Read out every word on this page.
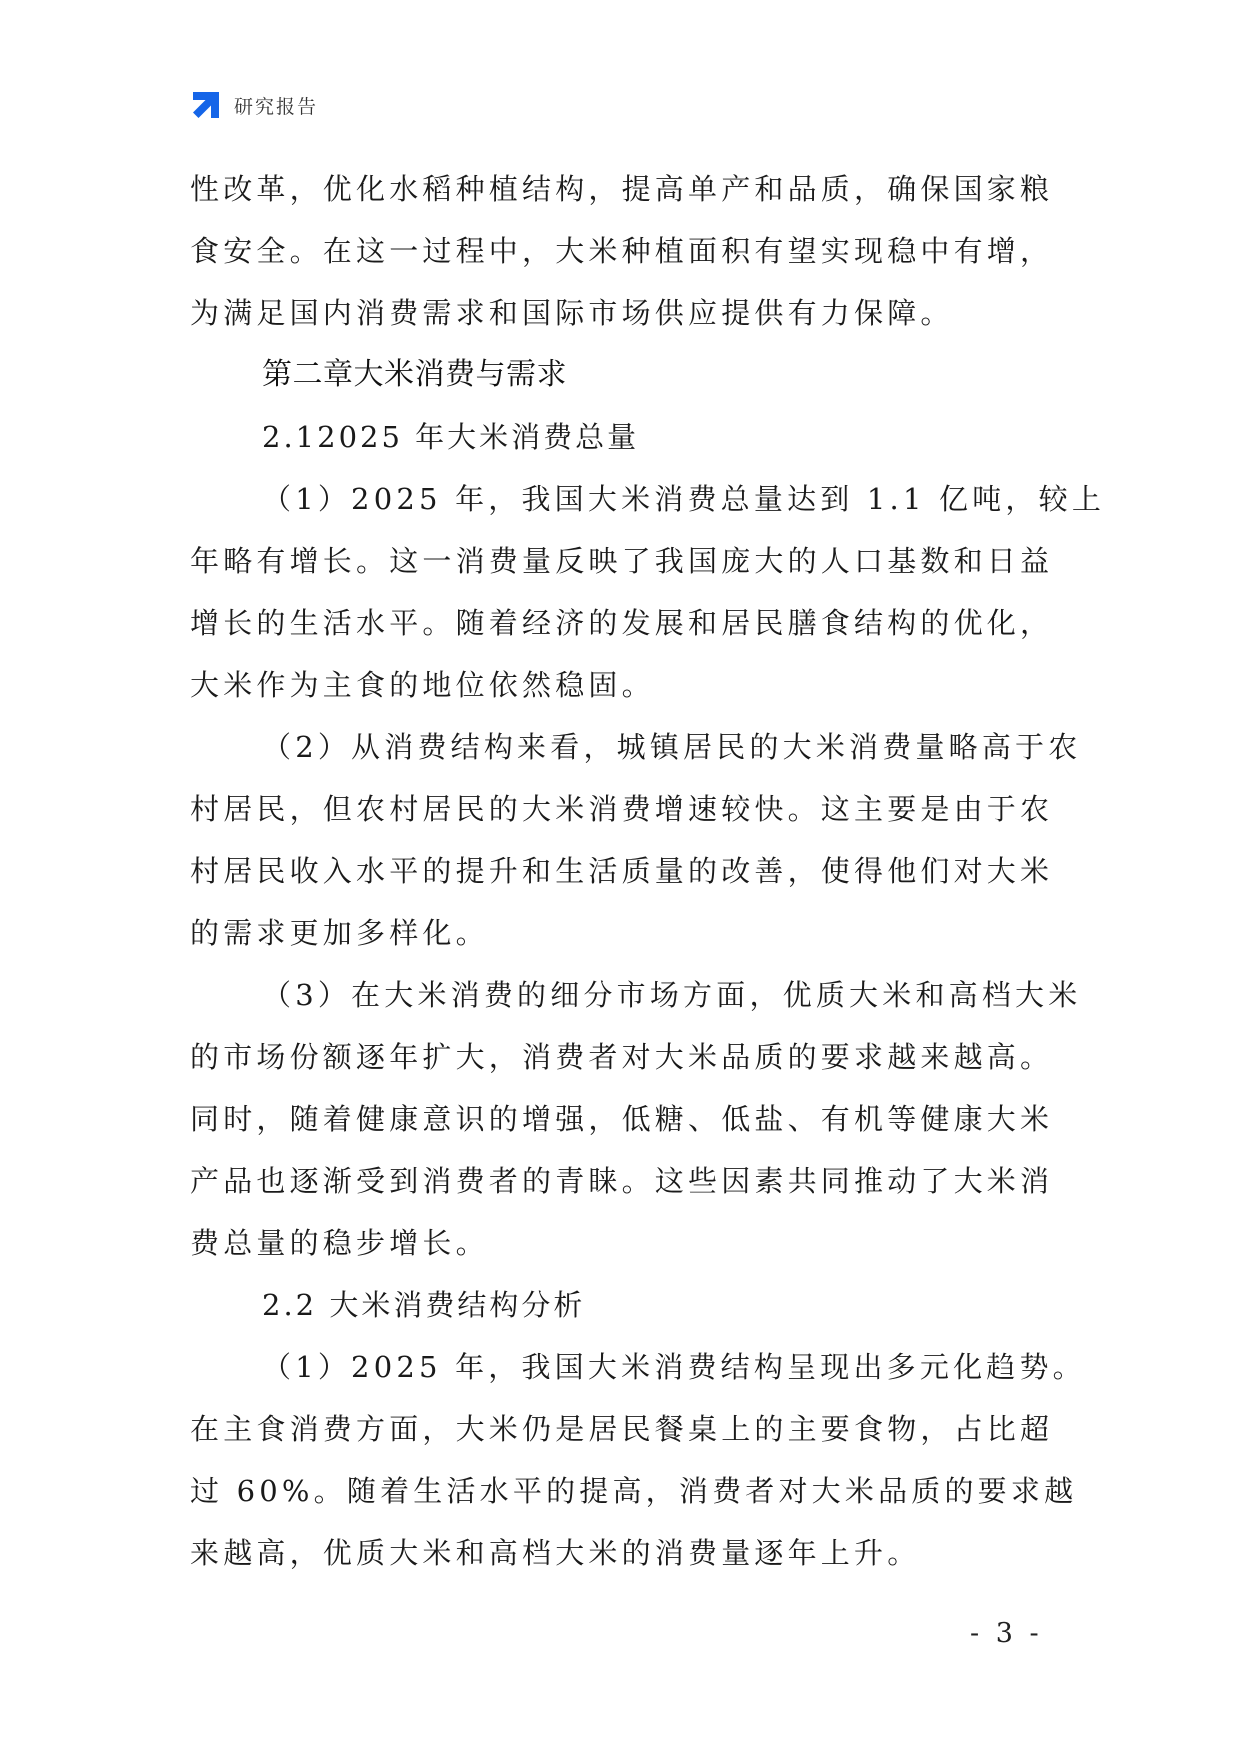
研究报告
性改革，优化水稻种植结构，提高单产和品质，确保国家粮
食安全。在这一过程中，大米种植面积有望实现稳中有增，
为满足国内消费需求和国际市场供应提供有力保障。
第二章大米消费与需求
2.12025 年大米消费总量
（1）2025 年，我国大米消费总量达到 1.1 亿吨，较上
年略有增长。这一消费量反映了我国庞大的人口基数和日益
增长的生活水平。随着经济的发展和居民膳食结构的优化，
大米作为主食的地位依然稳固。
（2）从消费结构来看，城镇居民的大米消费量略高于农
村居民，但农村居民的大米消费增速较快。这主要是由于农
村居民收入水平的提升和生活质量的改善，使得他们对大米
的需求更加多样化。
（3）在大米消费的细分市场方面，优质大米和高档大米
的市场份额逐年扩大，消费者对大米品质的要求越来越高。
同时，随着健康意识的增强，低糖、低盐、有机等健康大米
产品也逐渐受到消费者的青睐。这些因素共同推动了大米消
费总量的稳步增长。
2.2 大米消费结构分析
（1）2025 年，我国大米消费结构呈现出多元化趋势。
在主食消费方面，大米仍是居民餐桌上的主要食物，占比超
过 60%。随着生活水平的提高，消费者对大米品质的要求越
来越高，优质大米和高档大米的消费量逐年上升。
- 3 -
